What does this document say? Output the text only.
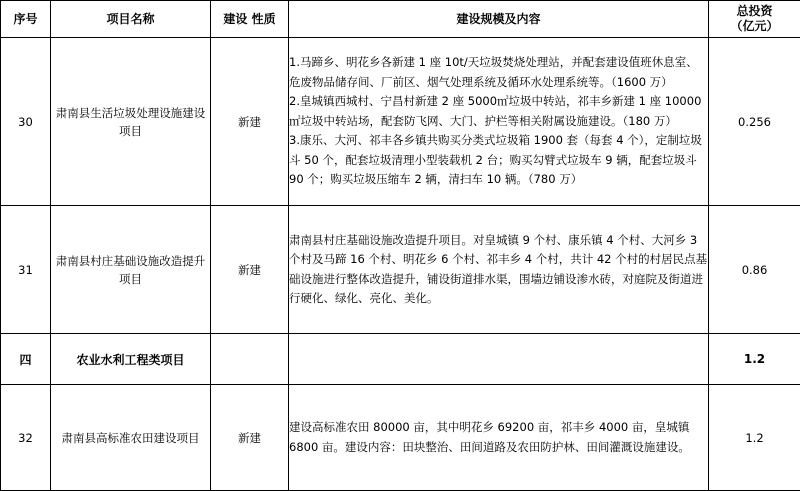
序号	项目名称	建设 性质	建设规模及内容	总投资
（亿元）

30	肃南县生活垃圾处理设施建设项目	新建	1.马蹄乡、明花乡各新建 1 座 10t/天垃圾焚烧处理站，并配套建设值班休息室、危废物品储存间、厂前区、烟气处理系统及循环水处理系统等。（1600 万）

2.皇城镇西城村、宁昌村新建 2 座 5000㎡垃圾中转站，祁丰乡新建 1 座 10000㎡垃圾中转站场，配套防飞网、大门、护栏等相关附属设施建设。（180 万）

3.康乐、大河、祁丰各乡镇共购买分类式垃圾箱 1900 套（每套 4 个），定制垃圾斗 50 个，配套垃圾清理小型装载机 2 台；购买勾臂式垃圾车 9 辆，配套垃圾斗 90 个；购买垃圾压缩车 2 辆，清扫车 10 辆。（780 万）	0.256
31	肃南县村庄基础设施改造提升项目	新建	肃南县村庄基础设施改造提升项目。对皇城镇 9 个村、康乐镇 4 个村、大河乡 3 个村及马蹄 16 个村、明花乡 6 个村、祁丰乡 4 个村，共计 42 个村的村居民点基础设施进行整体改造提升，铺设街道排水渠，围墙边铺设渗水砖，对庭院及街道进行硬化、绿化、亮化、美化。	0.86
四	农业水利工程类项目			1.2
32	肃南县高标准农田建设项目	新建	建设高标准农田 80000 亩，其中明花乡 69200 亩，祁丰乡 4000 亩，皇城镇 6800 亩。建设内容：田块整治、田间道路及农田防护林、田间灌溉设施建设。	1.2
